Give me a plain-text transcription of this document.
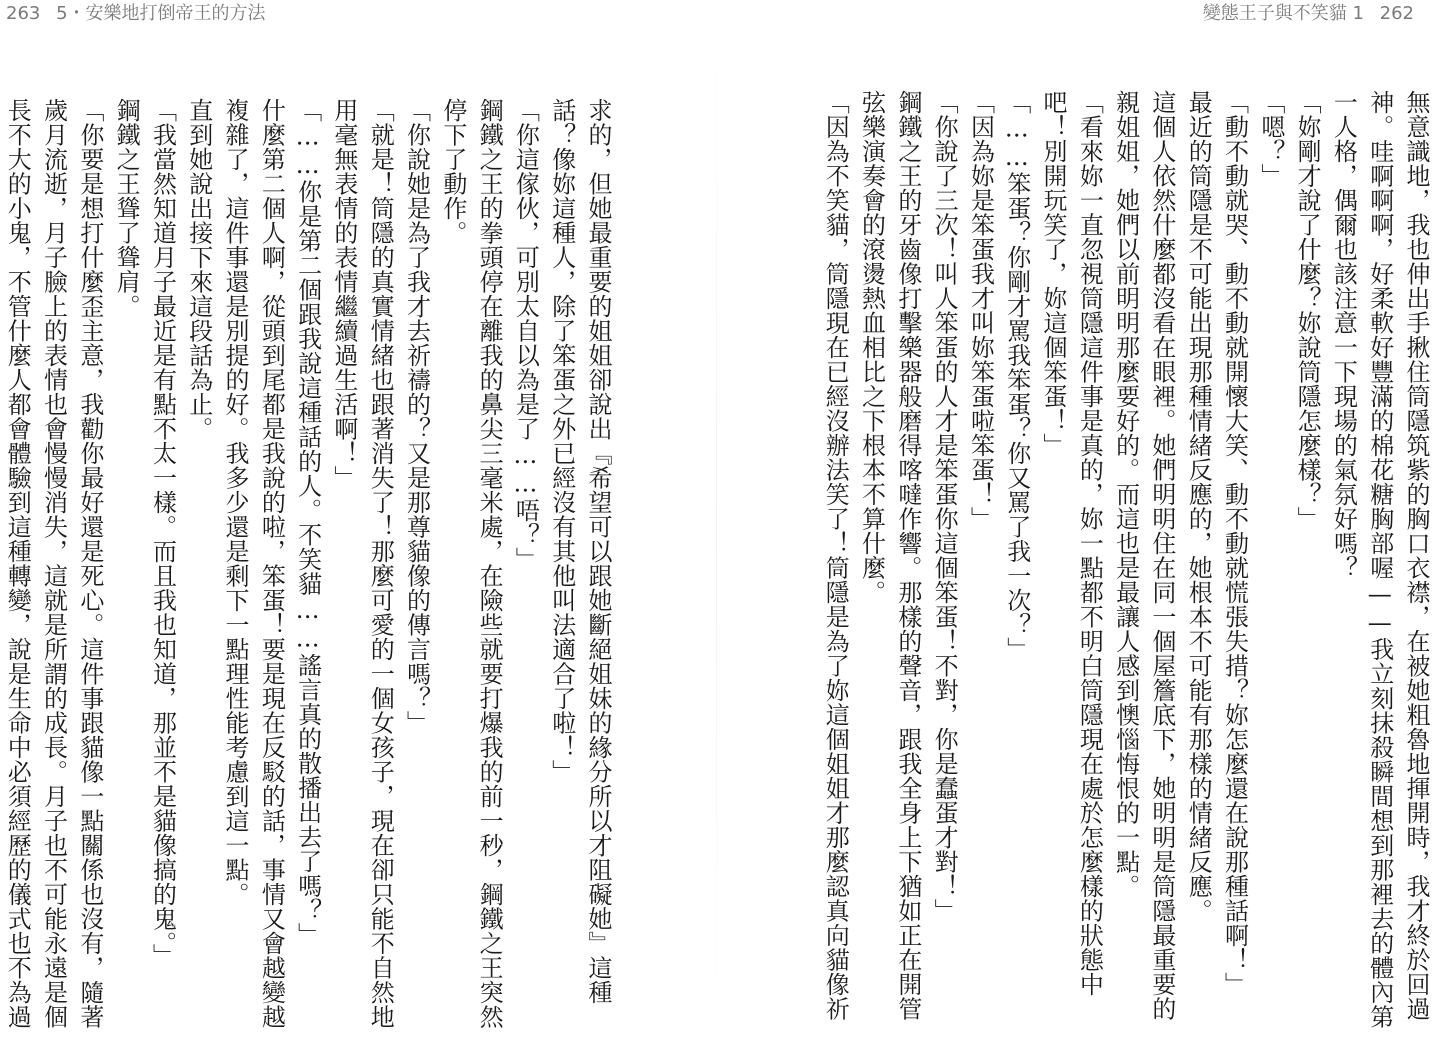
263 5・安樂地打倒帝王的方法	變態王子與不笑貓 1 262

無意識地，我也伸出手揪住筒隱筑紫的胸口衣襟，在被她粗魯地揮開時，我才終於回過神。哇啊啊啊，好柔軟好豐滿的棉花糖胸部喔——我立刻抹殺瞬間想到那裡去的體內第一人格，偶爾也該注意一下現場的氣氛好嗎？

「妳剛才說了什麼？妳說筒隱怎麼樣？」

「嗯？」

「動不動就哭、動不動就開懷大笑、動不動就慌張失措？妳怎麼還在說那種話啊！」

最近的筒隱是不可能出現那種情緒反應的，她根本不可能有那樣的情緒反應。

這個人依然什麼都沒看在眼裡。她們明明住在同一個屋簷底下，她明明是筒隱最重要的親姐姐，她們以前明明那麼要好的。而這也是最讓人感到懊惱悔恨的一點。

「看來妳一直忽視筒隱這件事是真的，妳一點都不明白筒隱現在處於怎麼樣的狀態中吧！別開玩笑了，妳這個笨蛋！」

「……笨蛋？你剛才罵我笨蛋？你又罵了我一次？」

「因為妳是笨蛋我才叫妳笨蛋啦笨蛋！」

「你說了三次！叫人笨蛋的人才是笨蛋你這個笨蛋！不對，你是蠢蛋才對！」

鋼鐵之王的牙齒像打擊樂器般磨得喀噠作響。那樣的聲音，跟我全身上下猶如正在開管弦樂演奏會的滾燙熱血相比之下根本不算什麼。

「因為不笑貓，筒隱現在已經沒辦法笑了！筒隱是為了妳這個姐姐才那麼認真向貓像祈

求的，但她最重要的姐姐卻說出『希望可以跟她斷絕姐妹的緣分所以才阻礙她』這種話？像妳這種人，除了笨蛋之外已經沒有其他叫法適合了啦！」

「你這傢伙，可別太自以為是了……唔？」

鋼鐵之王的拳頭停在離我的鼻尖三毫米處，在險些就要打爆我的前一秒，鋼鐵之王突然停下了動作。

「你說她是為了我才去祈禱的？又是那尊貓像的傳言嗎？」

「就是！筒隱的真實情緒也跟著消失了！那麼可愛的一個女孩子，現在卻只能不自然地用毫無表情的表情繼續過生活啊！」

「……你是第二個跟我說這種話的人。不笑貓……謠言真的散播出去了嗎？」

什麼第二個人啊，從頭到尾都是我說的啦，笨蛋！要是現在反駁的話，事情又會越變越複雜了，這件事還是別提的好。我多少還是剩下一點理性能考慮到這一點。

直到她說出接下來這段話為止。

「我當然知道月子最近是有點不太一樣。而且我也知道，那並不是貓像搞的鬼。」

鋼鐵之王聳了聳肩。

「你要是想打什麼歪主意，我勸你最好還是死心。這件事跟貓像一點關係也沒有，隨著歲月流逝，月子臉上的表情也會慢慢消失，這就是所謂的成長。月子也不可能永遠是個長不大的小鬼，不管什麼人都會體驗到這種轉變，說是生命中必須經歷的儀式也不為過
